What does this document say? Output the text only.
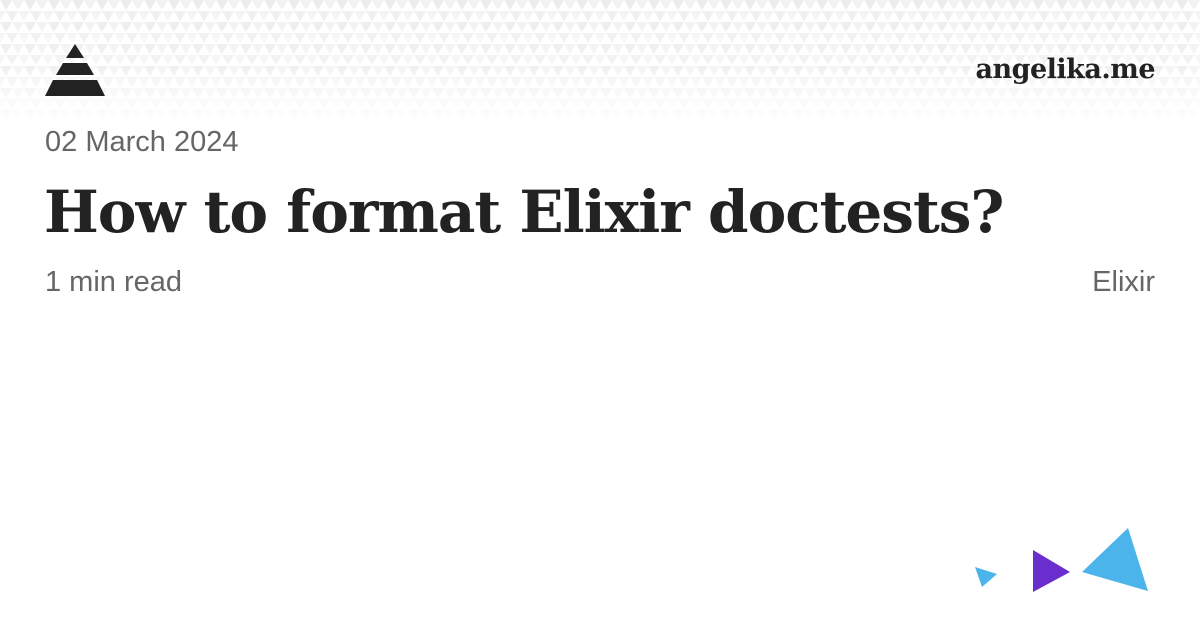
angelika.me
02 March 2024
How to format Elixir doctests?
1 min read	Elixir
